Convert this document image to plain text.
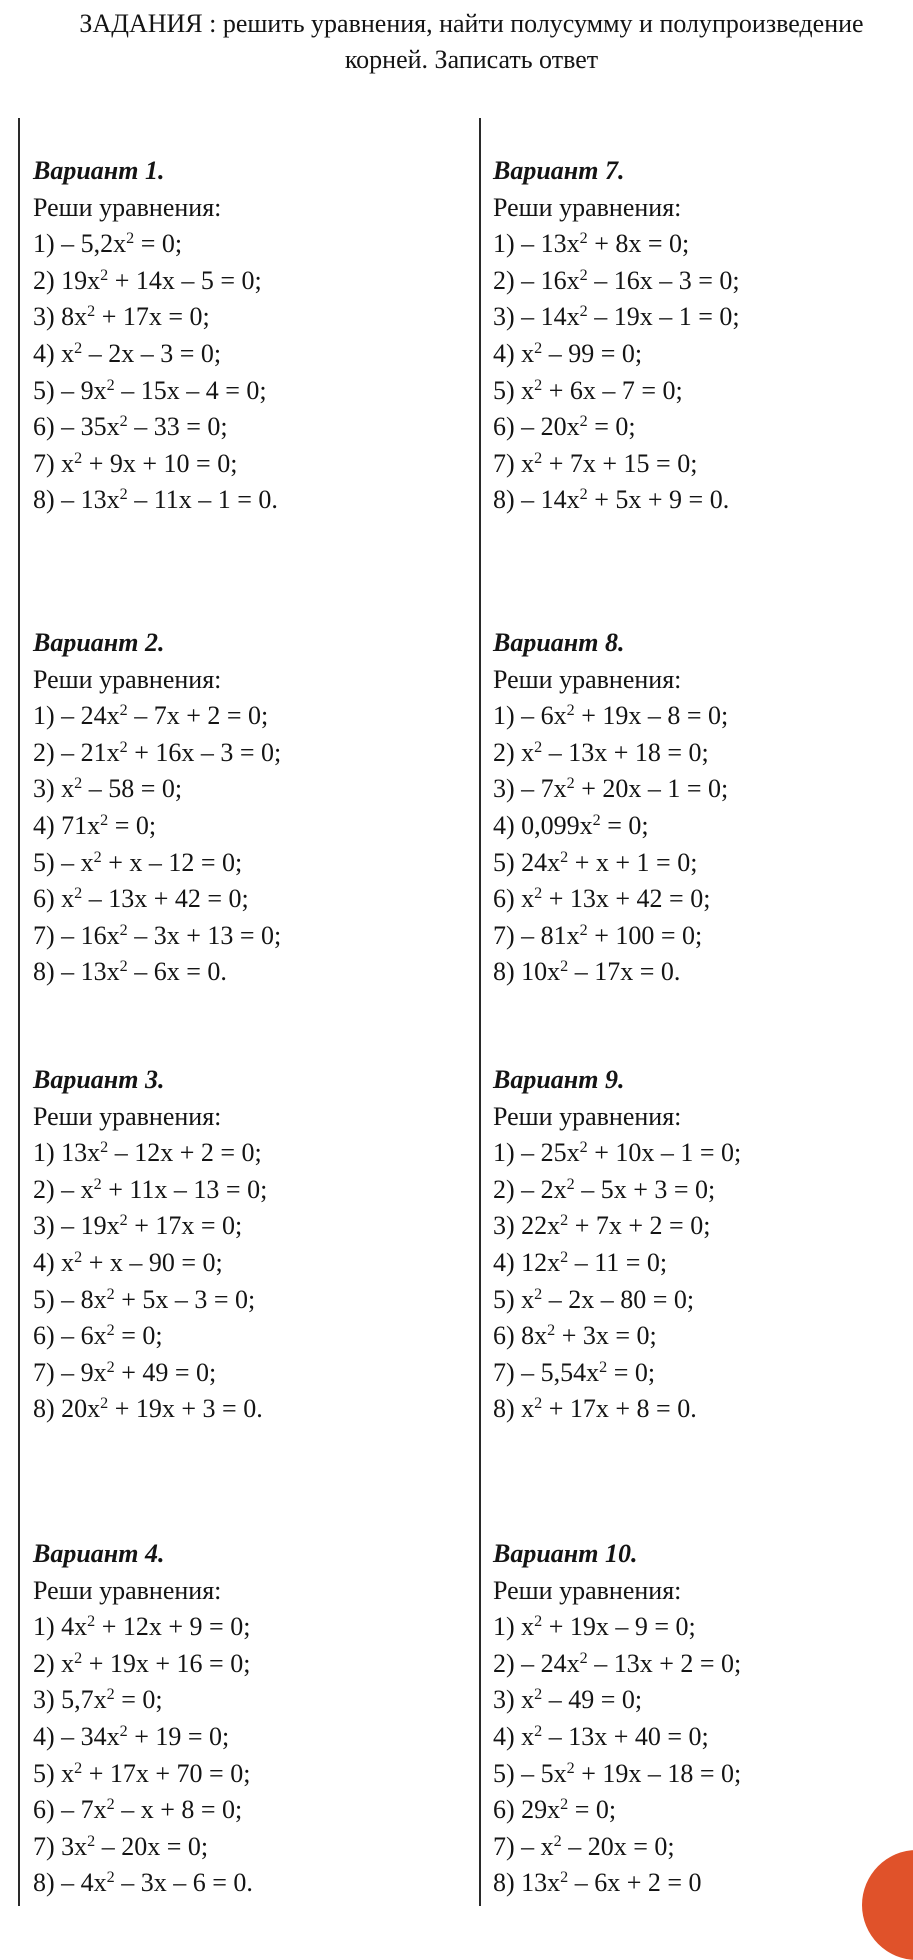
ЗАДАНИЯ : решить уравнения, найти полусумму и полупроизведение
корней. Записать ответ
Вариант 1.
Реши уравнения:
$1) - 5,2x^2 = 0$;
2) $19x^2 + 14x - 5 = 0$;
3) $8x^2 + 17x = 0$;
4) $x^2 - 2x - 3 = 0$;
$5) - 9x^2 - 15x - 4 = 0$;
$6) - 35x^2 - 33 = 0$;
7) $x^2 + 9x + 10 = 0$;
$8) - 13x^2 - 11x - 1 = 0$.
Вариант 7.
Реши уравнения:
$1) - 13x^2 + 8x = 0$;
$2) - 16x^2 - 16x - 3 = 0$;
$3) - 14x^2 - 19x - 1 = 0$;
4) $x^2 - 99 = 0$;
5) $x^2 + 6x - 7 = 0$;
$6) - 20x^2 = 0$;
7) $x^2 + 7x + 15 = 0$;
$8) - 14x^2 + 5x + 9 = 0$.
Вариант 2.
Реши уравнения:
$1) - 24x^2 - 7x + 2 = 0$;
$2) - 21x^2 + 16x - 3 = 0$;
3) $x^2 - 58 = 0$;
4) $71x^2 = 0$;
$5) - x^2 + x - 12 = 0$;
6) $x^2 - 13x + 42 = 0$;
$7) - 16x^2 - 3x + 13 = 0$;
$8) - 13x^2 - 6x = 0$.
Вариант 8.
Реши уравнения:
$1) - 6x^2 + 19x - 8 = 0$;
2) $x^2 - 13x + 18 = 0$;
$3) - 7x^2 + 20x - 1 = 0$;
4) $0,099x^2 = 0$;
5) $24x^2 + x + 1 = 0$;
6) $x^2 + 13x + 42 = 0$;
$7) - 81x^2 + 100 = 0$;
8) $10x^2 - 17x = 0$.
Вариант 3.
Реши уравнения:
1) $13x^2 - 12x + 2 = 0$;
$2) - x^2 + 11x - 13 = 0$;
$3) - 19x^2 + 17x = 0$;
4) $x^2 + x - 90 = 0$;
$5) - 8x^2 + 5x - 3 = 0$;
$6) - 6x^2 = 0$;
$7) - 9x^2 + 49 = 0$;
8) $20x^2 + 19x + 3 = 0$.
Вариант 9.
Реши уравнения:
$1) - 25x^2 + 10x - 1 = 0$;
$2) - 2x^2 - 5x + 3 = 0$;
3) $22x^2 + 7x + 2 = 0$;
4) $12x^2 - 11 = 0$;
5) $x^2 - 2x - 80 = 0$;
6) $8x^2 + 3x = 0$;
$7) - 5,54x^2 = 0$;
8) $x^2 + 17x + 8 = 0$.
Вариант 4.
Реши уравнения:
1) $4x^2 + 12x + 9 = 0$;
2) $x^2 + 19x + 16 = 0$;
3) $5,7x^2 = 0$;
$4) - 34x^2 + 19 = 0$;
5) $x^2 + 17x + 70 = 0$;
$6) - 7x^2 - x + 8 = 0$;
7) $3x^2 - 20x = 0$;
$8) - 4x^2 - 3x - 6 = 0$.
Вариант 10.
Реши уравнения:
1) $x^2 + 19x - 9 = 0$;
$2) - 24x^2 - 13x + 2 = 0$;
3) $x^2 - 49 = 0$;
4) $x^2 - 13x + 40 = 0$;
$5) - 5x^2 + 19x - 18 = 0$;
6) $29x^2 = 0$;
$7) - x^2 - 20x = 0$;
8) $13x^2 - 6x + 2 = 0$
